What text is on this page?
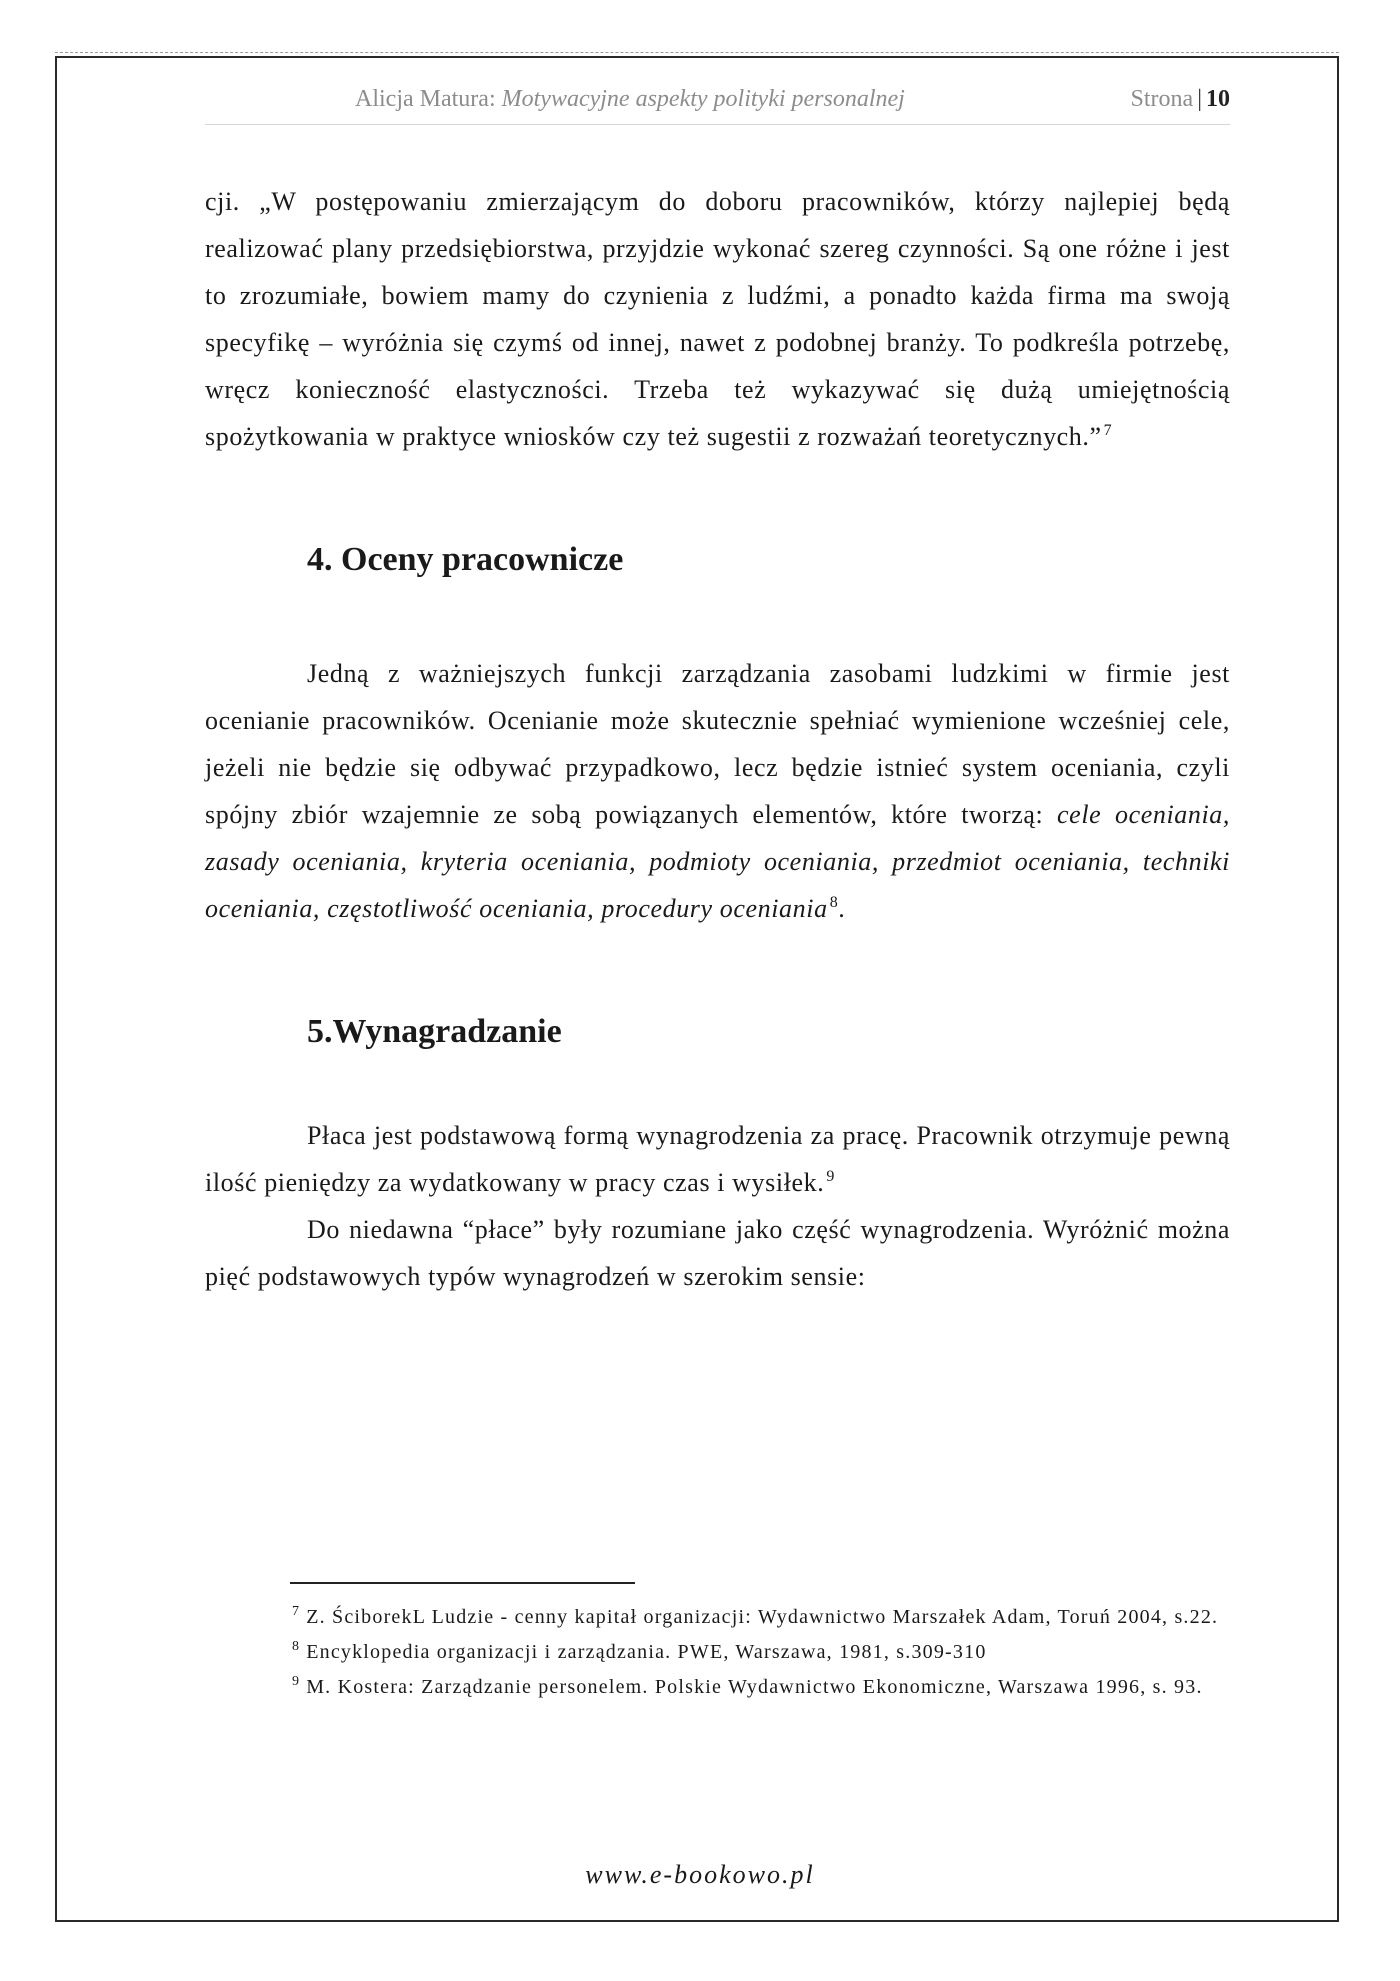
Alicja Matura: Motywacyjne aspekty polityki personalnej	Strona | 10

cji. „W postępowaniu zmierzającym do doboru pracowników, którzy najlepiej będą realizować plany przedsiębiorstwa, przyjdzie wykonać szereg czynności. Są one różne i jest to zrozumiałe, bowiem mamy do czynienia z ludźmi, a ponadto każda firma ma swoją specyfikę – wyróżnia się czymś od innej, nawet z podobnej branży. To podkreśla potrzebę, wręcz konieczność elastyczności. Trzeba też wykazywać się dużą umiejętnością spożytkowania w praktyce wniosków czy też sugestii z rozważań teoretycznych.” $^7$

4. Oceny pracownicze

Jedną z ważniejszych funkcji zarządzania zasobami ludzkimi w firmie jest ocenianie pracowników. Ocenianie może skutecznie spełniać wymienione wcześniej cele, jeżeli nie będzie się odbywać przypadkowo, lecz będzie istnieć system oceniania, czyli spójny zbiór wzajemnie ze sobą powiązanych elementów, które tworzą: cele oceniania, zasady oceniania, kryteria oceniania, podmioty oceniania, przedmiot oceniania, techniki oceniania, częstotliwość oceniania, procedury oceniania $^8$.

5.Wynagradzanie

Płaca jest podstawową formą wynagrodzenia za pracę. Pracownik otrzymuje pewną ilość pieniędzy za wydatkowany w pracy czas i wysiłek. $^9$

Do niedawna “płace” były rozumiane jako część wynagrodzenia. Wyróżnić można pięć podstawowych typów wynagrodzeń w szerokim sensie:

$^7$ Z. ŚciborekL Ludzie - cenny kapitał organizacji: Wydawnictwo Marszałek Adam, Toruń 2004, s.22.

$^8$ Encyklopedia organizacji i zarządzania. PWE, Warszawa, 1981, s.309-310

$^9$ M. Kostera: Zarządzanie personelem. Polskie Wydawnictwo Ekonomiczne, Warszawa 1996, s. 93.

www.e-bookowo.pl
